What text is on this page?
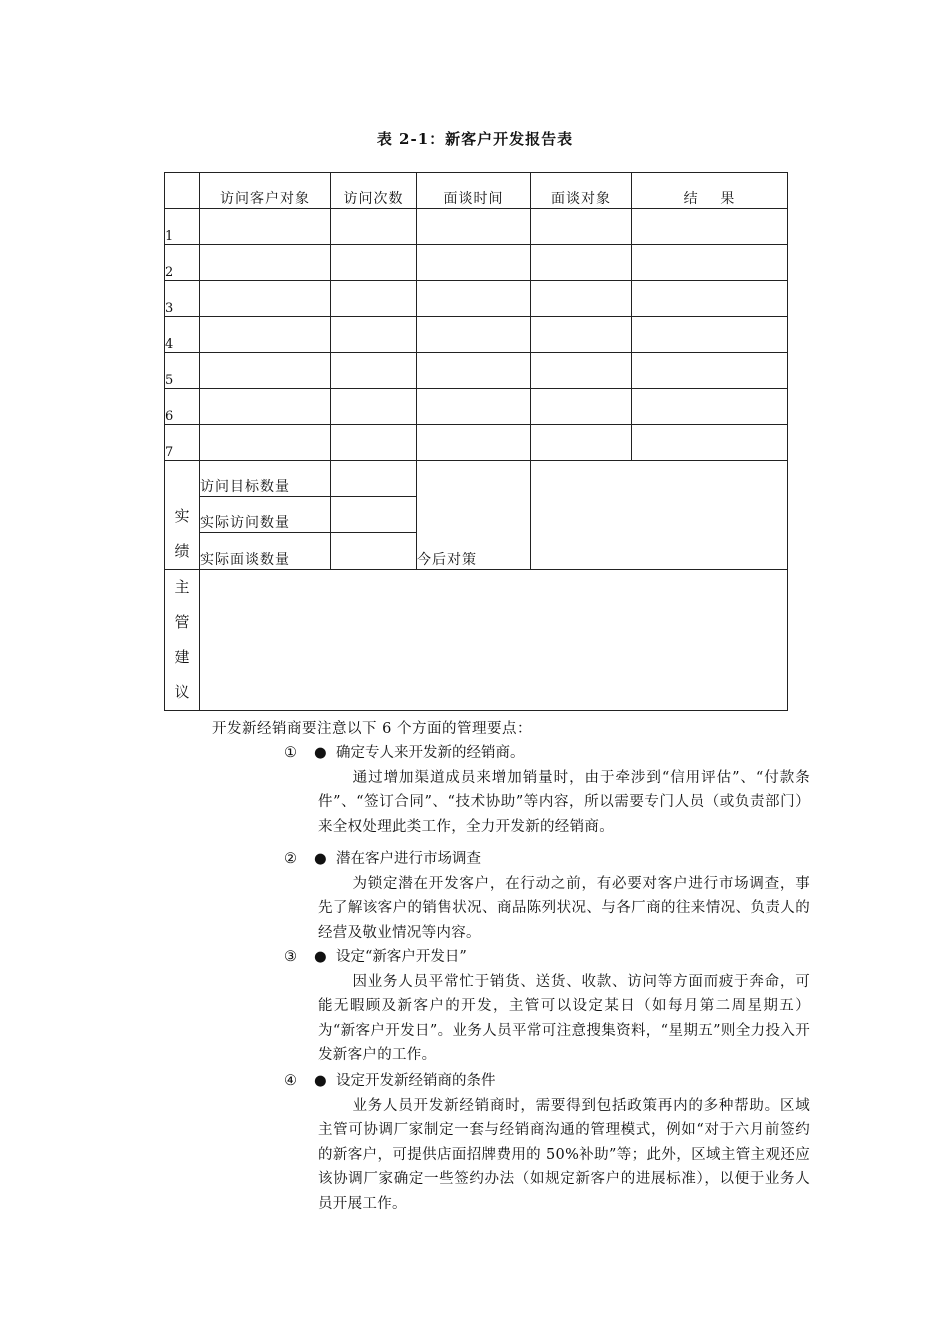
表 2-1：新客户开发报告表
	访问客户对象	访问次数	面谈时间	面谈对象	结    果
1					
2					
3					
4					
5					
6					
7					

实
绩	访问目标数量		今后对策		
	实际访问数量				
	实际面谈数量				

主
管
建
议					

开发新经销商要注意以下 6 个方面的管理要点：
① ● 确定专人来开发新的经销商。
通过增加渠道成员来增加销量时，由于牵涉到“信用评估”、“付款条件”、“签订合同”、“技术协助”等内容，所以需要专门人员（或负责部门）来全权处理此类工作，全力开发新的经销商。
② ● 潜在客户进行市场调查
为锁定潜在开发客户，在行动之前，有必要对客户进行市场调查，事先了解该客户的销售状况、商品陈列状况、与各厂商的往来情况、负责人的经营及敬业情况等内容。
③ ● 设定“新客户开发日”
因业务人员平常忙于销货、送货、收款、访问等方面而疲于奔命，可能无暇顾及新客户的开发，主管可以设定某日（如每月第二周星期五）为“新客户开发日”。业务人员平常可注意搜集资料，“星期五”则全力投入开发新客户的工作。
④ ● 设定开发新经销商的条件
业务人员开发新经销商时，需要得到包括政策再内的多种帮助。区域主管可协调厂家制定一套与经销商沟通的管理模式，例如“对于六月前签约的新客户，可提供店面招牌费用的 50%补助”等；此外，区域主管主观还应该协调厂家确定一些签约办法（如规定新客户的进展标准），以便于业务人员开展工作。
